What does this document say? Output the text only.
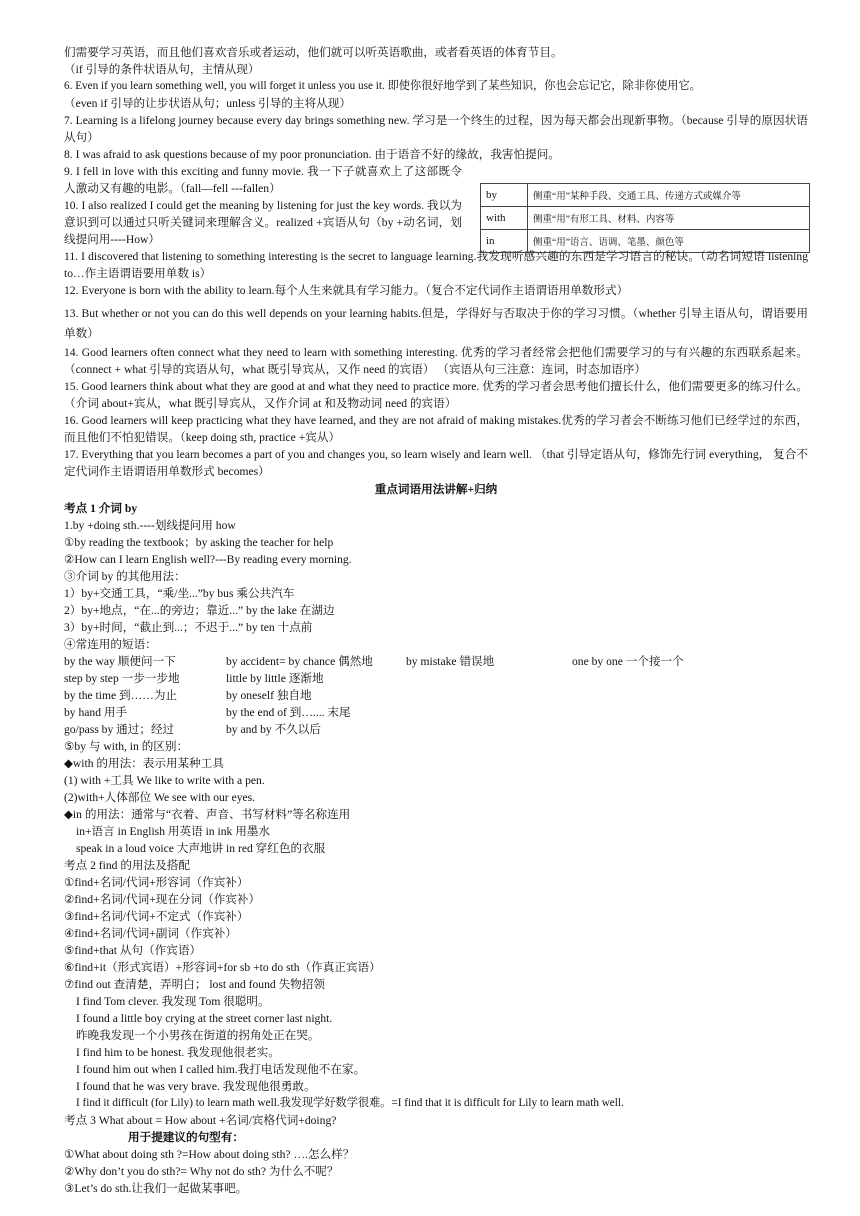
们需要学习英语，而且他们喜欢音乐或者运动，他们就可以听英语歌曲，或者看英语的体育节目。
（if 引导的条件状语从句，主情从现）
6. Even if you learn something well, you will forget it unless you use it. 即使你很好地学到了某些知识，你也会忘记它，除非你使用它。
（even if 引导的让步状语从句；unless 引导的主将从现）
7. Learning is a lifelong journey because every day brings something new. 学习是一个终生的过程，因为每天都会出现新事物。（because 引导的原因状语从句）
8. I was afraid to ask questions because of my poor pronunciation. 由于语音不好的缘故，我害怕提问。
9. I fell in love with this exciting and funny movie. 我一下子就喜欢上了这部既令人激动又有趣的电影。（fall—fell ---fallen）
10. I also realized I could get the meaning by listening for just the key words. 我以为意识到可以通过只听关键词来理解含义。realized +宾语从句（by +动名词，划线提问用----How）
11. I discovered that listening to something interesting is the secret to language learning.我发现听感兴趣的东西是学习语言的秘诀。（动名词短语 listening to…作主语谓语要用单数 is）
12. Everyone is born with the ability to learn.每个人生来就具有学习能力。（复合不定代词作主语谓语用单数形式）
13. But whether or not you can do this well depends on your learning habits.但是，学得好与否取决于你的学习习惯。（whether 引导主语从句，谓语要用单数）
14. Good learners often connect what they need to learn with something interesting. 优秀的学习者经常会把他们需要学习的与有兴趣的东西联系起来。（connect + what 引导的宾语从句，what 既引导宾从，又作 need 的宾语） （宾语从句三注意：连词，时态加语序）
15. Good learners think about what they are good at and what they need to practice more. 优秀的学习者会思考他们擅长什么，他们需要更多的练习什么。（介词 about+宾从，what 既引导宾从，又作介词 at 和及物动词 need 的宾语）
16. Good learners will keep practicing what they have learned, and they are not afraid of making mistakes.优秀的学习者会不断练习他们已经学过的东西，而且他们不怕犯错误。（keep doing sth, practice +宾从）
17. Everything that you learn becomes a part of you and changes you, so learn wisely and learn well. （that 引导定语从句，修饰先行词 everything， 复合不定代词作主语谓语用单数形式 becomes）
重点词语用法讲解+归纳
考点 1 介词 by
1.by +doing sth.----划线提问用 how
①by reading the textbook；by asking the teacher for help
②How can I learn English well?---By reading every morning.
③介词 by 的其他用法：
1）by+交通工具，“乘/坐...”by bus 乘公共汽车
2）by+地点，“在...的旁边；靠近...” by the lake 在湖边
3）by+时间，“截止到...；不迟于...” by ten 十点前
④常连用的短语：
by the way 顺便问一下	by accident= by chance 偶然地	by mistake 错误地	one by one 一个接一个
step by step 一步一步地	little by little 逐渐地
by the time 到……为止	by oneself 独自地
by hand 用手	by the end of 到….... 末尾
go/pass by 通过；经过	by and by 不久以后
⑤by 与 with, in 的区别：
◆with 的用法：表示用某种工具
(1) with +工具 We like to write with a pen.
(2)with+人体部位 We see with our eyes.
◆in 的用法：通常与“衣着、声音、书写材料”等名称连用
in+语言 in English 用英语 in ink 用墨水
speak in a loud voice 大声地讲 in red 穿红色的衣服
考点 2 find 的用法及搭配
①find+名词/代词+形容词（作宾补）
②find+名词/代词+现在分词（作宾补）
③find+名词/代词+不定式（作宾补）
④find+名词/代词+副词（作宾补）
⑤find+that 从句（作宾语）
⑥find+it（形式宾语）+形容词+for sb +to do sth（作真正宾语）
⑦find out 查清楚，弄明白； lost and found 失物招领
I find Tom clever. 我发现 Tom 很聪明。
I found a little boy crying at the street corner last night.
昨晚我发现一个小男孩在街道的拐角处正在哭。
I find him to be honest. 我发现他很老实。
I found him out when I called him.我打电话发现他不在家。
I found that he was very brave. 我发现他很勇敢。
I find it difficult (for Lily) to learn math well.我发现学好数学很难。=I find that it is difficult for Lily to learn math well.
考点 3 What about = How about +名词/宾格代词+doing?
用于提建议的句型有：
①What about doing sth ?=How about doing sth? ….怎么样？
②Why don’t you do sth?= Why not do sth? 为什么不呢？
③Let’s do sth.让我们一起做某事吧。
by	侧重“用”某种手段、交通工具、传递方式或媒介等
with	侧重“用”有形工具、材料、内容等
in	侧重“用”语言、语调、笔墨、颜色等
